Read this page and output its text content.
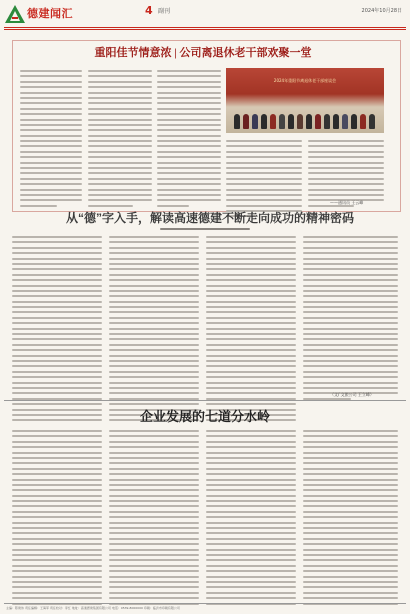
德建闻汇	4 副刊	2024年10月28日
重阳佳节情意浓 | 公司离退休老干部欢聚一堂
2024年重阳节离退休老干部座谈会
——通讯员 王云峰
从“德”字入手，解读高速德建不断走向成功的精神密码
（文/ 文旅公司 王立峰）
企业发展的七道分水岭
主编：陈建伟 责任编辑：王海军 责任校对：李红 地址：高速德建集团有限公司 电话：0539-8000000 印刷：临沂市印刷有限公司
